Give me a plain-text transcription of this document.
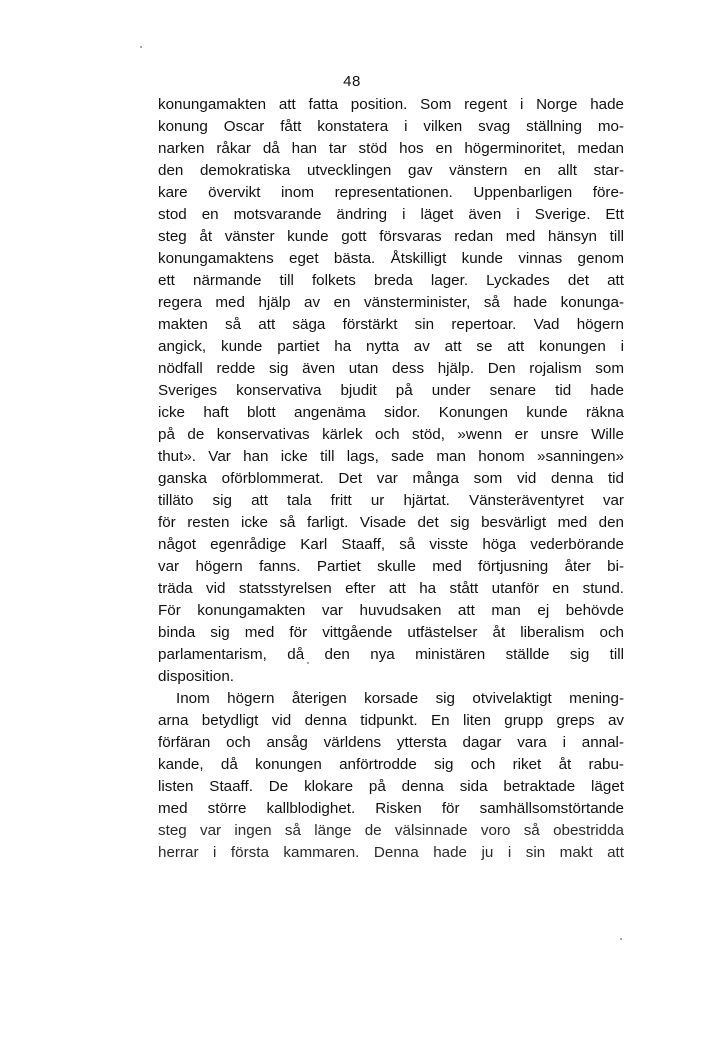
48
konungamakten att fatta position. Som regent i Norge hade
konung Oscar fått konstatera i vilken svag ställning mo-
narken råkar då han tar stöd hos en högerminoritet, medan
den demokratiska utvecklingen gav vänstern en allt star-
kare övervikt inom representationen. Uppenbarligen före-
stod en motsvarande ändring i läget även i Sverige. Ett
steg åt vänster kunde gott försvaras redan med hänsyn till
konungamaktens eget bästa. Åtskilligt kunde vinnas genom
ett närmande till folkets breda lager. Lyckades det att
regera med hjälp av en vänsterminister, så hade konunga-
makten så att säga förstärkt sin repertoar. Vad högern
angick, kunde partiet ha nytta av att se att konungen i
nödfall redde sig även utan dess hjälp. Den rojalism som
Sveriges konservativa bjudit på under senare tid hade
icke haft blott angenäma sidor. Konungen kunde räkna
på de konservativas kärlek och stöd, »wenn er unsre Wille
thut». Var han icke till lags, sade man honom »sanningen»
ganska oförblommerat. Det var många som vid denna tid
tilläto sig att tala fritt ur hjärtat. Vänsteräventyret var
för resten icke så farligt. Visade det sig besvärligt med den
något egenrådige Karl Staaff, så visste höga vederbörande
var högern fanns. Partiet skulle med förtjusning åter bi-
träda vid statsstyrelsen efter att ha stått utanför en stund.
För konungamakten var huvudsaken att man ej behövde
binda sig med för vittgående utfästelser åt liberalism och
parlamentarism, då den nya ministären ställde sig till
disposition.
Inom högern återigen korsade sig otvivelaktigt mening-
arna betydligt vid denna tidpunkt. En liten grupp greps av
förfäran och ansåg världens yttersta dagar vara i annal-
kande, då konungen anförtrodde sig och riket åt rabu-
listen Staaff. De klokare på denna sida betraktade läget
med större kallblodighet. Risken för samhällsomstörtande
steg var ingen så länge de välsinnade voro så obestridda
herrar i första kammaren. Denna hade ju i sin makt att
